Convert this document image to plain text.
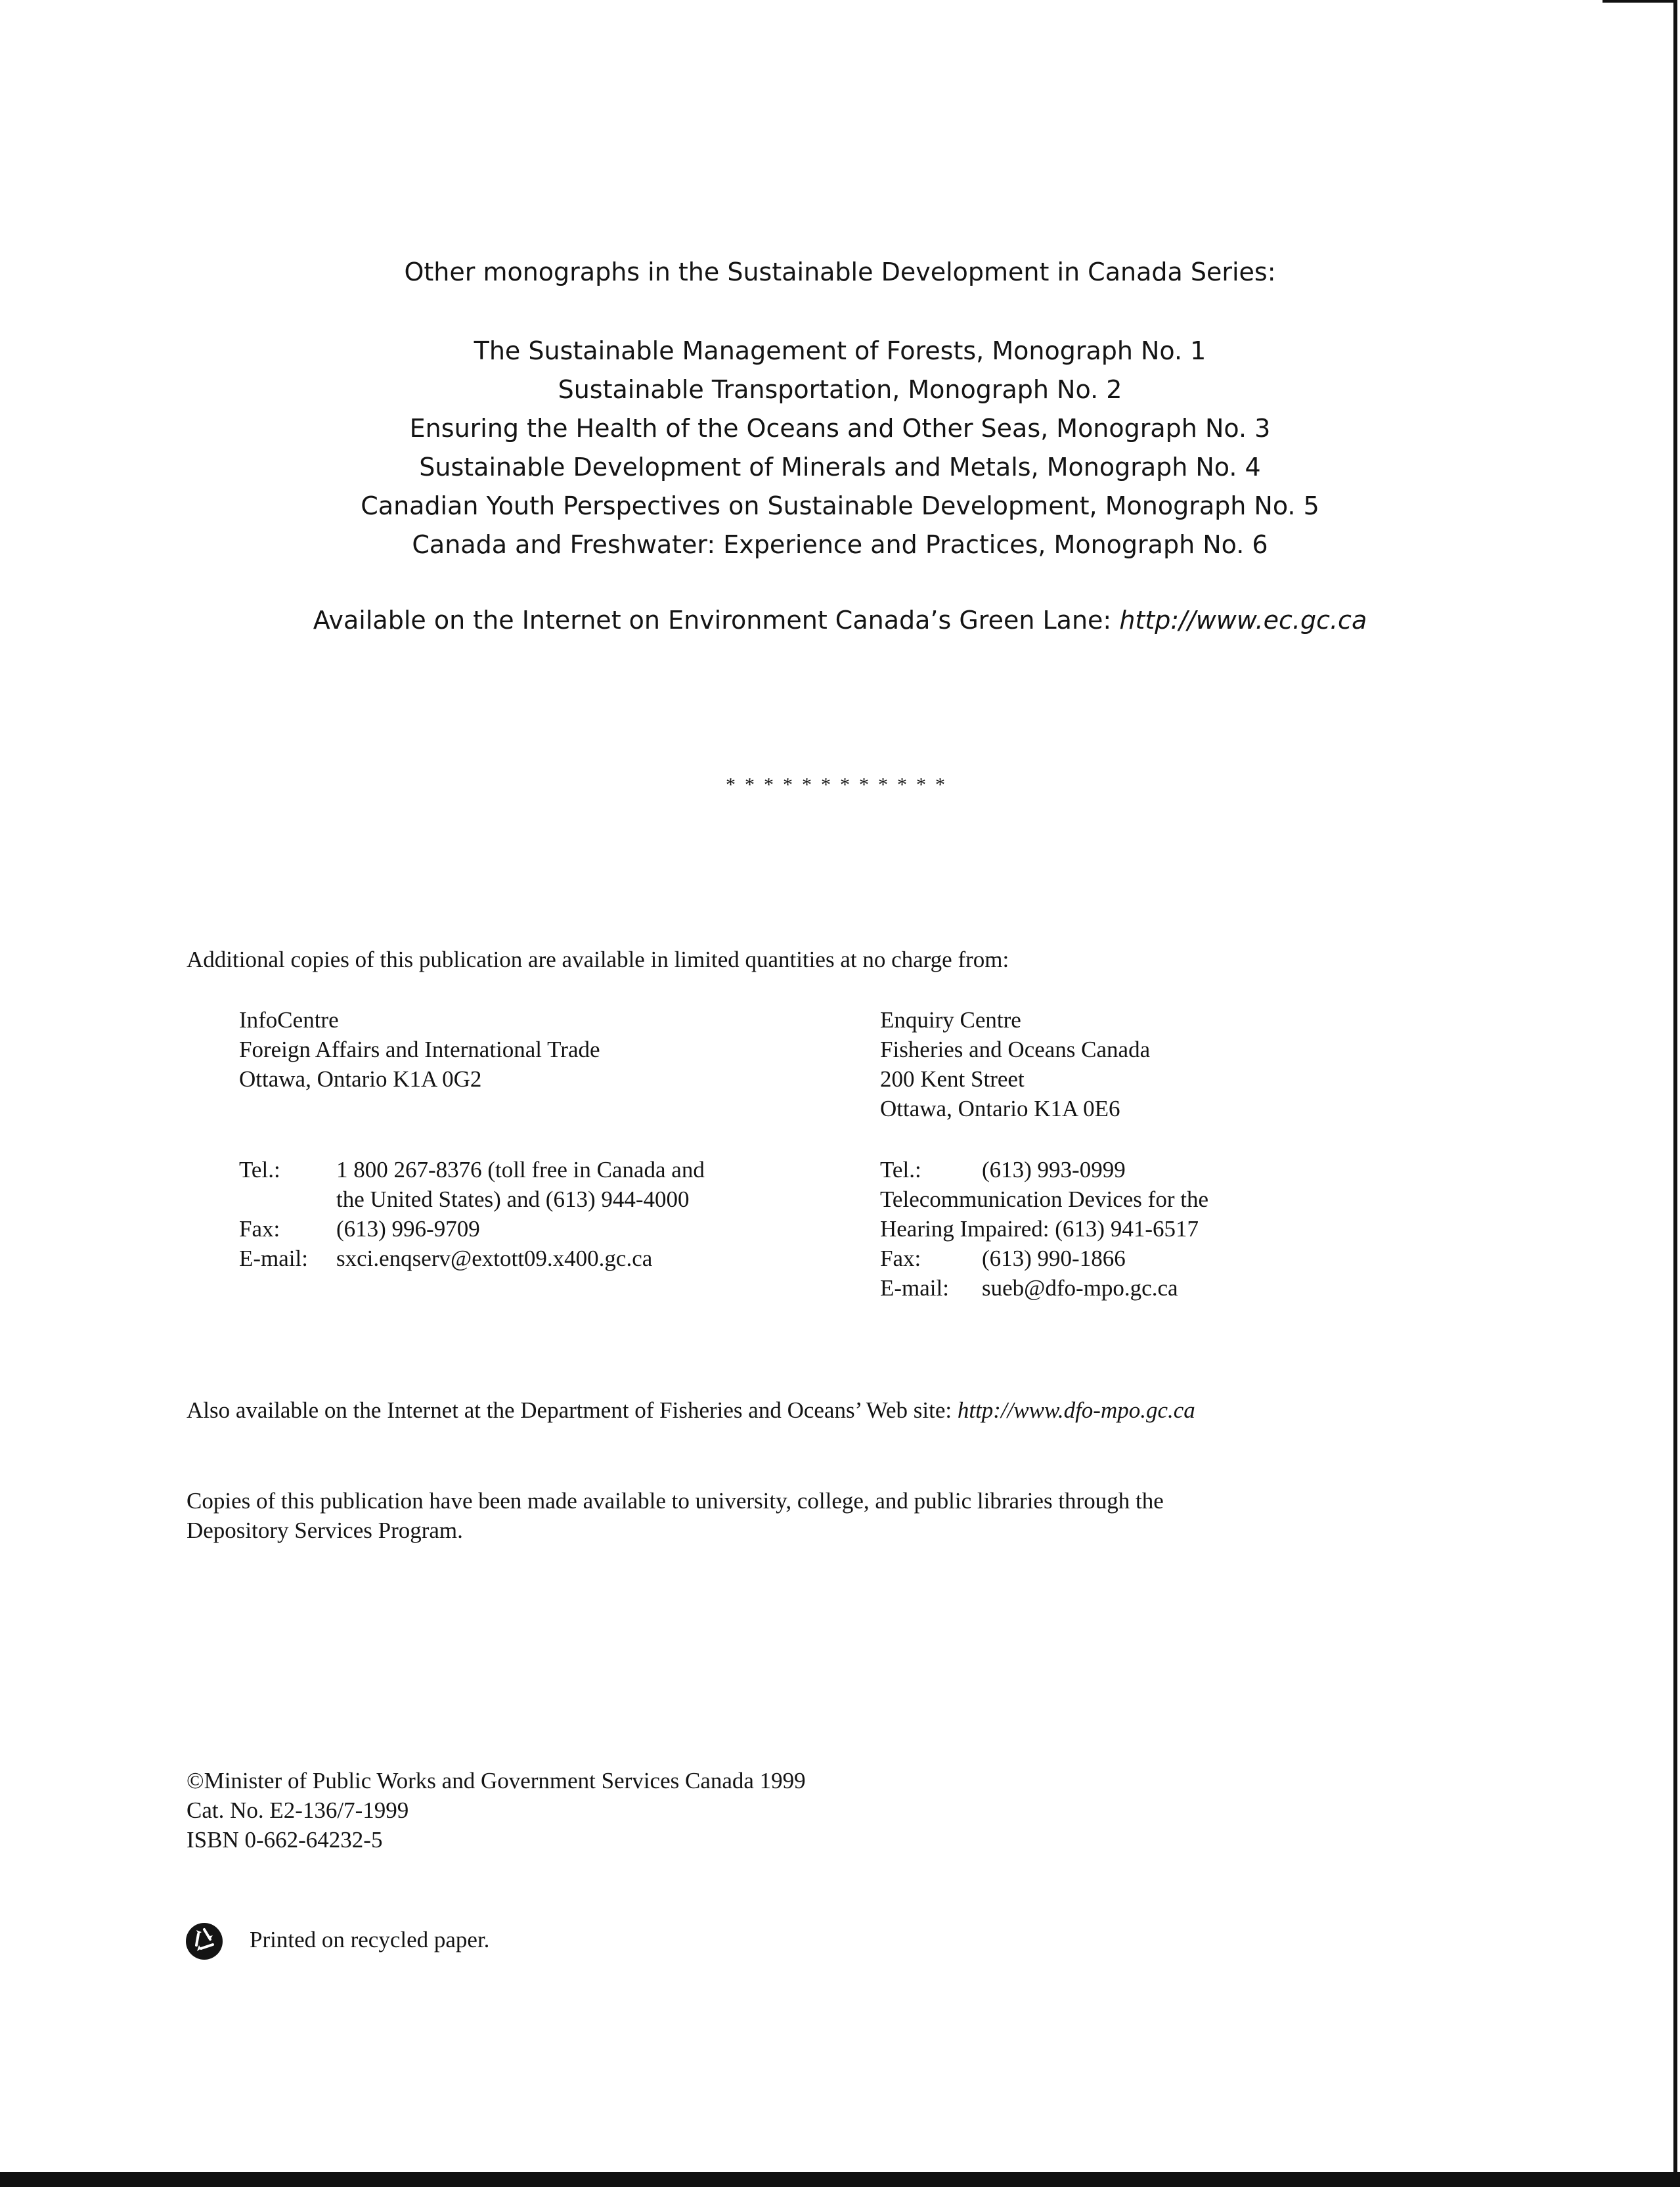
Other monographs in the Sustainable Development in Canada Series:
The Sustainable Management of Forests, Monograph No. 1
Sustainable Transportation, Monograph No. 2
Ensuring the Health of the Oceans and Other Seas, Monograph No. 3
Sustainable Development of Minerals and Metals, Monograph No. 4
Canadian Youth Perspectives on Sustainable Development, Monograph No. 5
Canada and Freshwater: Experience and Practices, Monograph No. 6
Available on the Internet on Environment Canada’s Green Lane: http://www.ec.gc.ca
************
Additional copies of this publication are available in limited quantities at no charge from:
InfoCentre
Foreign Affairs and International Trade
Ottawa, Ontario K1A 0G2
Enquiry Centre
Fisheries and Oceans Canada
200 Kent Street
Ottawa, Ontario K1A 0E6
Tel.:	1 800 267-8376 (toll free in Canada and
	the United States) and (613) 944-4000
Fax:	(613) 996-9709
E-mail:	sxci.enqserv@extott09.x400.gc.ca
Tel.:	(613) 993-0999
Telecommunication Devices for the	
Hearing Impaired: (613) 941-6517	
Fax:	(613) 990-1866
E-mail:	sueb@dfo-mpo.gc.ca
Also available on the Internet at the Department of Fisheries and Oceans’ Web site: http://www.dfo-mpo.gc.ca
Copies of this publication have been made available to university, college, and public libraries through the
Depository Services Program.
©Minister of Public Works and Government Services Canada 1999
Cat. No. E2-136/7-1999
ISBN 0-662-64232-5
Printed on recycled paper.
